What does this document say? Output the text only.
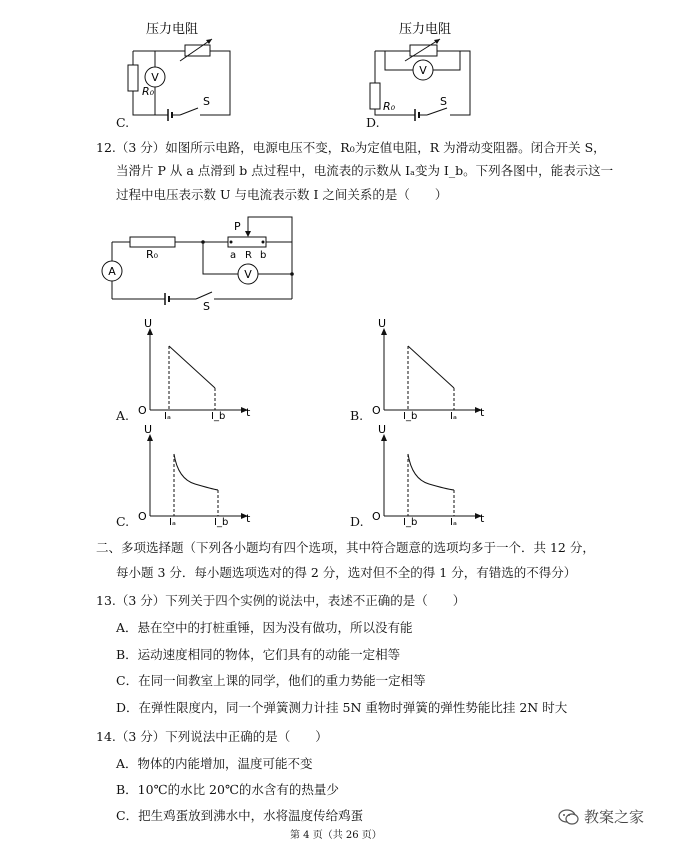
压力电阻
V
R₀
S
C.
压力电阻
V
R₀	S
D.
12.（3 分）如图所示电路，电源电压不变，R₀为定值电阻，R 为滑动变阻器。闭合开关 S，
当滑片 P 从 a 点滑到 b 点过程中，电流表的示数从 Iₐ变为 I_b。下列各图中，能表示这一
过程中电压表示数 U 与电流表示数 I 之间关系的是（　　）
R₀
P
a R b
V
A
S
U
O	t
Iₐ	I_b
A.
U
O	t
I_b	Iₐ
B.
U
O	t
Iₐ	I_b
C.
U
O	t
I_b	Iₐ
D.
二、多项选择题（下列各小题均有四个选项，其中符合题意的选项均多于一个．共 12 分，
每小题 3 分．每小题选项选对的得 2 分，选对但不全的得 1 分，有错选的不得分）
13.（3 分）下列关于四个实例的说法中，表述不正确的是（　　）
A．悬在空中的打桩重锤，因为没有做功，所以没有能
B．运动速度相同的物体，它们具有的动能一定相等
C．在同一间教室上课的同学，他们的重力势能一定相等
D．在弹性限度内，同一个弹簧测力计挂 5N 重物时弹簧的弹性势能比挂 2N 时大
14.（3 分）下列说法中正确的是（　　）
A．物体的内能增加，温度可能不变
B．10℃的水比 20℃的水含有的热量少
C．把生鸡蛋放到沸水中，水将温度传给鸡蛋	教案之家
第 4 页（共 26 页）
